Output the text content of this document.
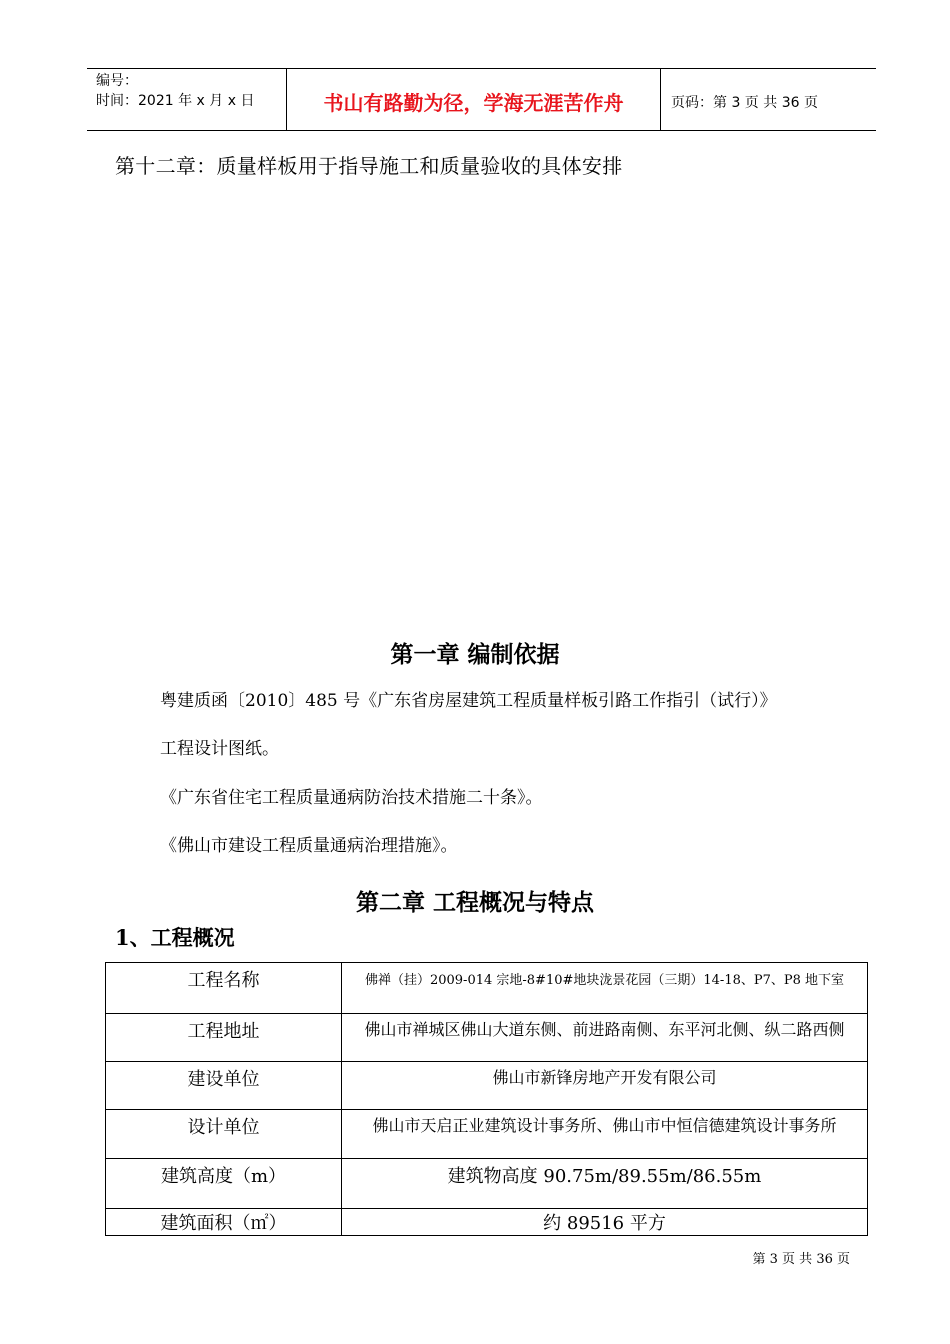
编号：
时间：2021 年 x 月 x 日	书山有路勤为径，学海无涯苦作舟	页码：第 3 页 共 36 页
第十二章：质量样板用于指导施工和质量验收的具体安排
第一章 编制依据
粤建质函〔2010〕485 号《广东省房屋建筑工程质量样板引路工作指引（试行）》
工程设计图纸。
《广东省住宅工程质量通病防治技术措施二十条》。
《佛山市建设工程质量通病治理措施》。
第二章 工程概况与特点
1、工程概况
工程名称	佛禅（挂）2009-014 宗地-8#10#地块泷景花园（三期）14-18、P7、P8 地下室
工程地址	佛山市禅城区佛山大道东侧、前进路南侧、东平河北侧、纵二路西侧
建设单位	佛山市新锋房地产开发有限公司
设计单位	佛山市天启正业建筑设计事务所、佛山市中恒信德建筑设计事务所
建筑高度（m）	建筑物高度 90.75m/89.55m/86.55m
建筑面积（㎡）	约 89516 平方
第 3 页 共 36 页
